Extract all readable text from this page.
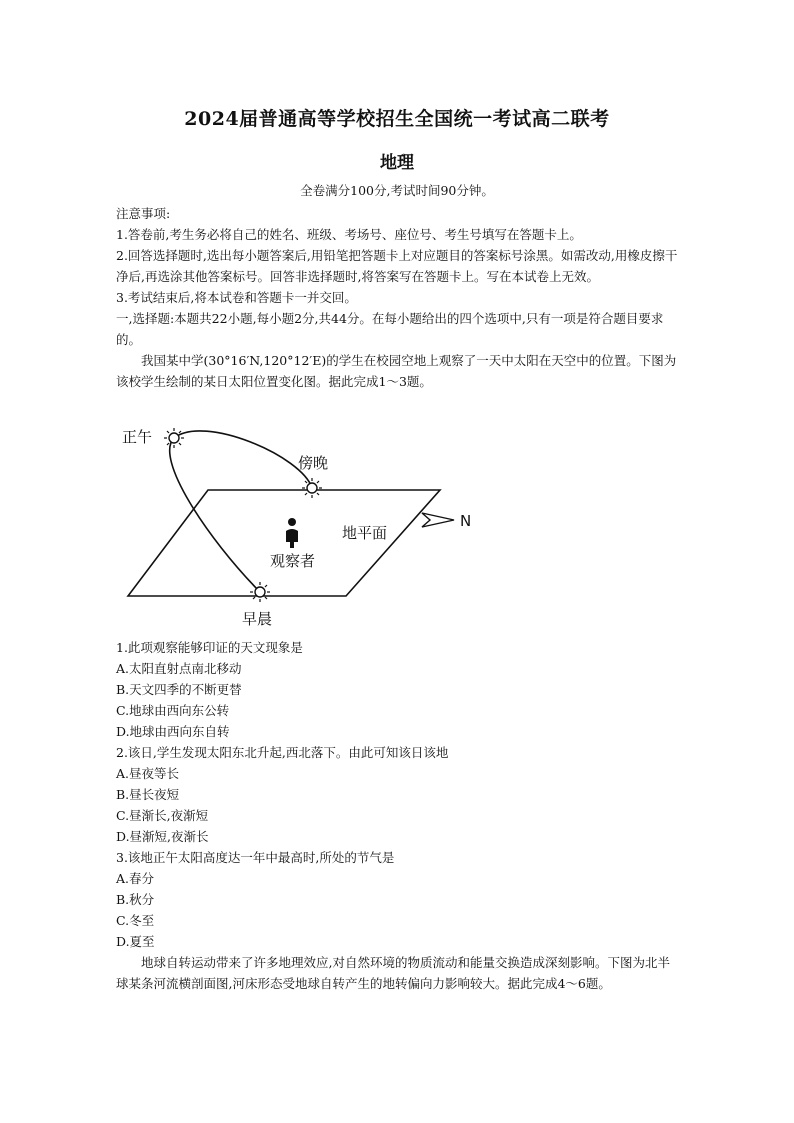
2024届普通高等学校招生全国统一考试高二联考
地理
全卷满分100分,考试时间90分钟。

注意事项:

1.答卷前,考生务必将自己的姓名、班级、考场号、座位号、考生号填写在答题卡上。

2.回答选择题时,选出每小题答案后,用铅笔把答题卡上对应题目的答案标号涂黑。如需改动,用橡皮擦干净后,再选涂其他答案标号。回答非选择题时,将答案写在答题卡上。写在本试卷上无效。

3.考试结束后,将本试卷和答题卡一并交回。

一,选择题:本题共22小题,每小题2分,共44分。在每小题给出的四个选项中,只有一项是符合题目要求的。

我国某中学(30°16′N,120°12′E)的学生在校园空地上观察了一天中太阳在天空中的位置。下图为该校学生绘制的某日太阳位置变化图。据此完成1～3题。

正午
傍晚
早晨
地平面
观察者
N

1.此项观察能够印证的天文现象是

A.太阳直射点南北移动

B.天文四季的不断更替

C.地球由西向东公转

D.地球由西向东自转

2.该日,学生发现太阳东北升起,西北落下。由此可知该日该地

A.昼夜等长

B.昼长夜短

C.昼渐长,夜渐短

D.昼渐短,夜渐长

3.该地正午太阳高度达一年中最高时,所处的节气是

A.春分

B.秋分

C.冬至

D.夏至

地球自转运动带来了许多地理效应,对自然环境的物质流动和能量交换造成深刻影响。下图为北半球某条河流横剖面图,河床形态受地球自转产生的地转偏向力影响较大。据此完成4～6题。
